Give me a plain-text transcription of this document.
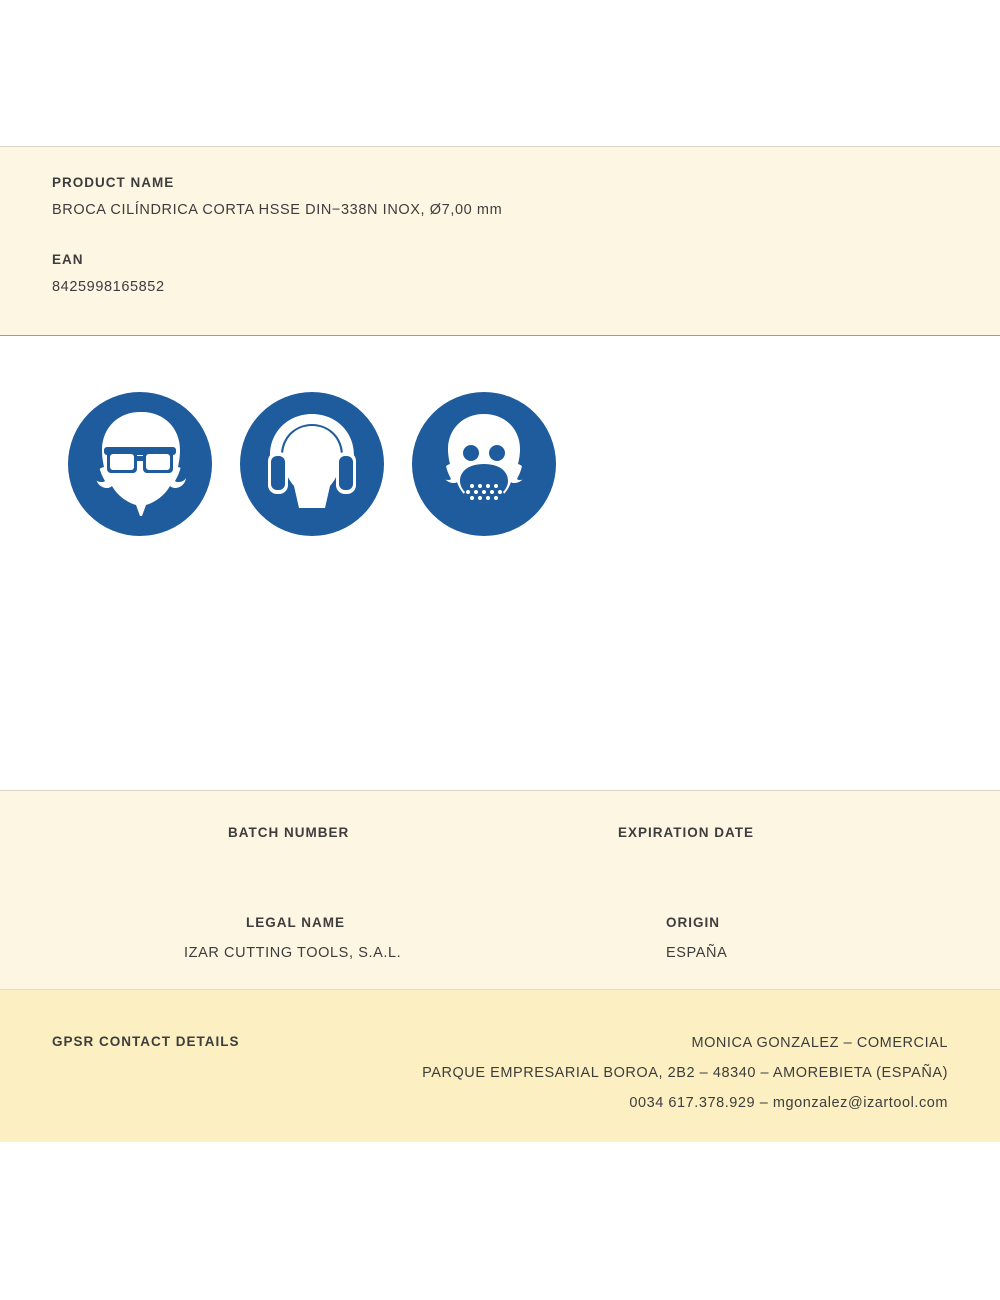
PRODUCT NAME

BROCA CILÍNDRICA CORTA HSSE DIN−338N INOX, Ø7,00 mm

EAN

8425998165852

BATCH NUMBER	EXPIRATION DATE
LEGAL NAME
IZAR CUTTING TOOLS, S.A.L.
ORIGIN
ESPAÑA
GPSR CONTACT DETAILS	MONICA GONZALEZ – COMERCIAL
PARQUE EMPRESARIAL BOROA, 2B2 – 48340 – AMOREBIETA (ESPAÑA)
0034 617.378.929 – mgonzalez@izartool.com
